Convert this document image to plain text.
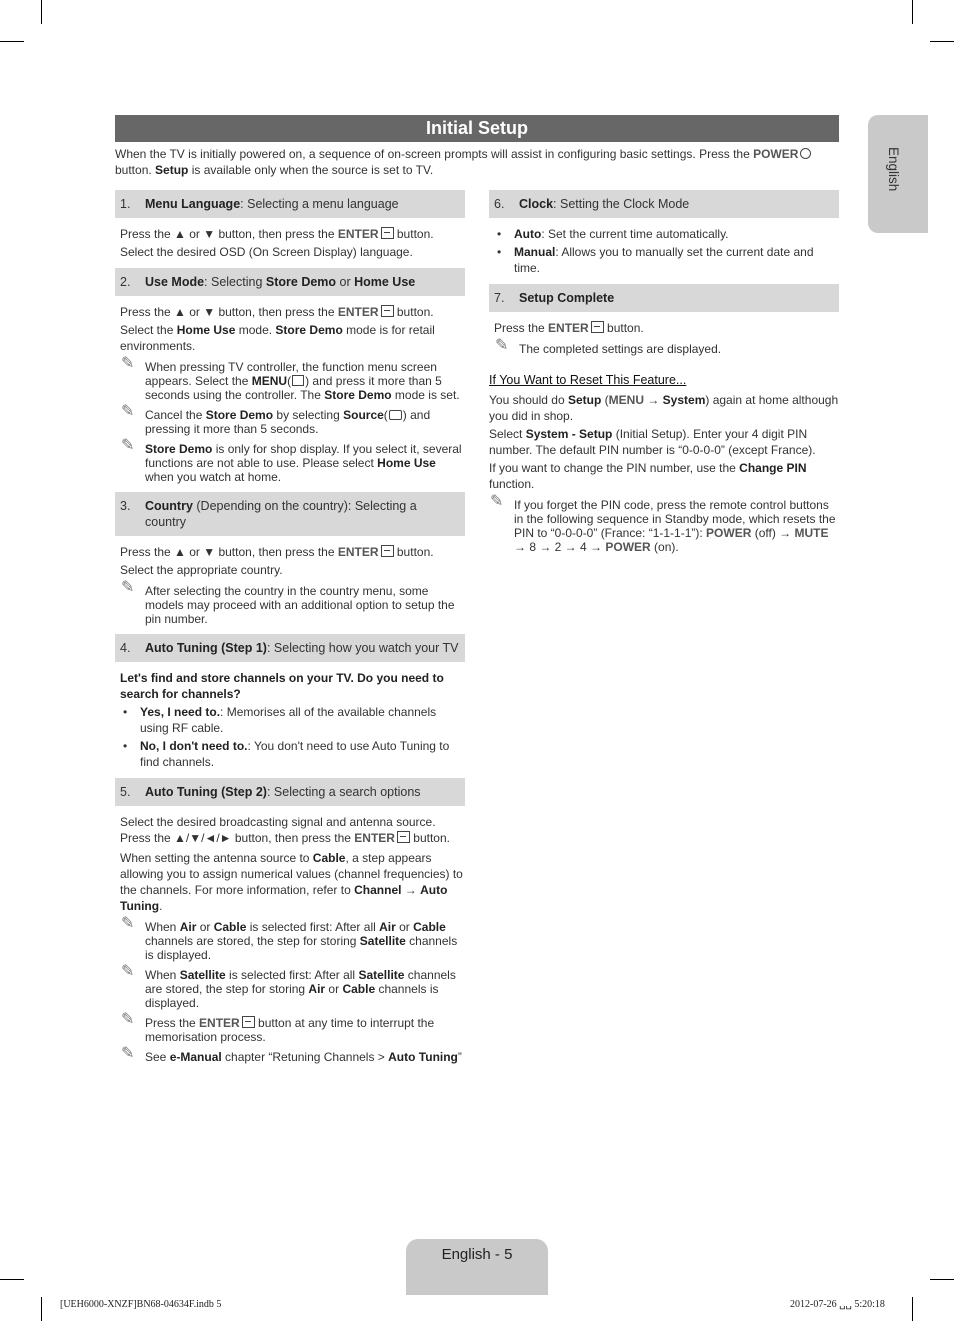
Initial Setup
English
When the TV is initially powered on, a sequence of on-screen prompts will assist in configuring basic settings. Press the POWER button. Setup is available only when the source is set to TV.
1. Menu Language: Selecting a menu language

Press the ▲ or ▼ button, then press the ENTER button.

Select the desired OSD (On Screen Display) language.

2. Use Mode: Selecting Store Demo or Home Use

Press the ▲ or ▼ button, then press the ENTER button.

Select the Home Use mode. Store Demo mode is for retail environments.

✎ When pressing TV controller, the function menu screen appears. Select the MENU( ) and press it more than 5 seconds using the controller. The Store Demo mode is set.
✎ Cancel the Store Demo by selecting Source( ) and pressing it more than 5 seconds.
✎ Store Demo is only for shop display. If you select it, several functions are not able to use. Please select Home Use when you watch at home.
3. Country (Depending on the country): Selecting a country

Press the ▲ or ▼ button, then press the ENTER button.

Select the appropriate country.

✎ After selecting the country in the country menu, some models may proceed with an additional option to setup the pin number.
4. Auto Tuning (Step 1): Selecting how you watch your TV

Let's find and store channels on your TV. Do you need to search for channels?

• Yes, I need to.: Memorises all of the available channels using RF cable.
• No, I don't need to.: You don't need to use Auto Tuning to find channels.
5. Auto Tuning (Step 2): Selecting a search options

Select the desired broadcasting signal and antenna source. Press the ▲/▼/◄/► button, then press the ENTER button.

When setting the antenna source to Cable, a step appears allowing you to assign numerical values (channel frequencies) to the channels. For more information, refer to Channel → Auto Tuning.

✎ When Air or Cable is selected first: After all Air or Cable channels are stored, the step for storing Satellite channels is displayed.
✎ When Satellite is selected first: After all Satellite channels are stored, the step for storing Air or Cable channels is displayed.
✎ Press the ENTER button at any time to interrupt the memorisation process.
✎ See e-Manual chapter “Retuning Channels > Auto Tuning”
6. Clock: Setting the Clock Mode
• Auto: Set the current time automatically.
• Manual: Allows you to manually set the current date and time.
7. Setup Complete

Press the ENTER button.

✎ The completed settings are displayed.
If You Want to Reset This Feature...

You should do Setup (MENU → System) again at home although you did in shop.

Select System - Setup (Initial Setup). Enter your 4 digit PIN number. The default PIN number is “0-0-0-0” (except France).

If you want to change the PIN number, use the Change PIN function.

✎ If you forget the PIN code, press the remote control buttons in the following sequence in Standby mode, which resets the PIN to “0-0-0-0” (France: “1-1-1-1”): POWER (off) → MUTE → 8 → 2 → 4 → POWER (on).
English - 5
[UEH6000-XNZF]BN68-04634F.indb 5	2012-07-26 ␣␣ 5:20:18
